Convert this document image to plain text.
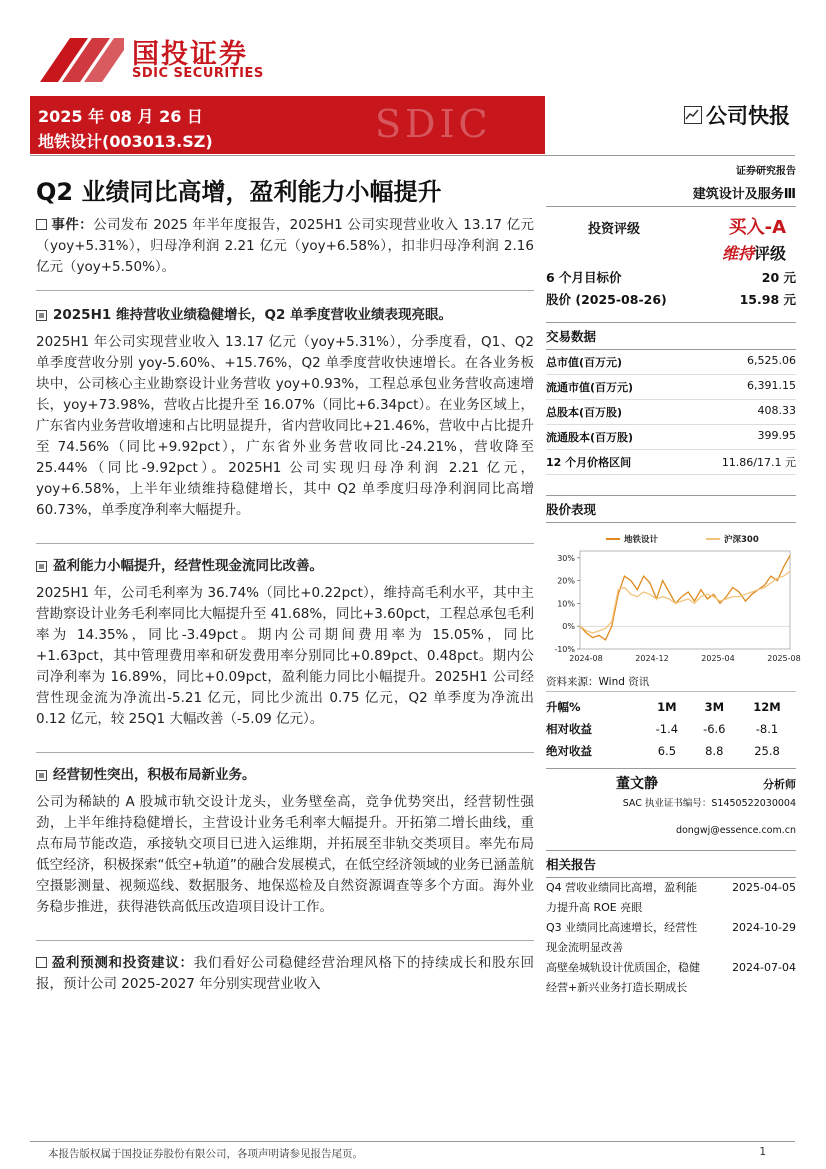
国投证券
SDIC SECURITIES
2025 年 08 月 26 日
地铁设计(003013.SZ)	SDIC	公司快报
Q2 业绩同比高增，盈利能力小幅提升
事件：公司发布 2025 年半年度报告，2025H1 公司实现营业收入 13.17 亿元（yoy+5.31%），归母净利润 2.21 亿元（yoy+6.58%），扣非归母净利润 2.16 亿元（yoy+5.50%）。
2025H1 维持营收业绩稳健增长，Q2 单季度营收业绩表现亮眼。
2025H1 年公司实现营业收入 13.17 亿元（yoy+5.31%），分季度看，Q1、Q2 单季度营收分别 yoy-5.60%、+15.76%，Q2 单季度营收快速增长。在各业务板块中，公司核心主业勘察设计业务营收 yoy+0.93%，工程总承包业务营收高速增长，yoy+73.98%，营收占比提升至 16.07%（同比+6.34pct）。在业务区域上，广东省内业务营收增速和占比明显提升，省内营收同比+21.46%，营收中占比提升至 74.56%（同比+9.92pct），广东省外业务营收同比-24.21%，营收降至 25.44%（同比-9.92pct）。2025H1 公司实现归母净利润 2.21 亿元，yoy+6.58%，上半年业绩维持稳健增长，其中 Q2 单季度归母净利润同比高增 60.73%，单季度净利率大幅提升。
盈利能力小幅提升，经营性现金流同比改善。
2025H1 年，公司毛利率为 36.74%（同比+0.22pct），维持高毛利水平，其中主营勘察设计业务毛利率同比大幅提升至 41.68%，同比+3.60pct，工程总承包毛利率为 14.35%，同比-3.49pct。期内公司期间费用率为 15.05%，同比+1.63pct，其中管理费用率和研发费用率分别同比+0.89pct、0.48pct。期内公司净利率为 16.89%，同比+0.09pct，盈利能力同比小幅提升。2025H1 公司经营性现金流为净流出-5.21 亿元，同比少流出 0.75 亿元，Q2 单季度为净流出 0.12 亿元，较 25Q1 大幅改善（-5.09 亿元）。
经营韧性突出，积极布局新业务。
公司为稀缺的 A 股城市轨交设计龙头，业务壁垒高，竞争优势突出，经营韧性强劲，上半年维持稳健增长，主营设计业务毛利率大幅提升。开拓第二增长曲线，重点布局节能改造，承接轨交项目已进入运维期，并拓展至非轨交类项目。率先布局低空经济，积极探索“低空+轨道”的融合发展模式，在低空经济领域的业务已涵盖航空摄影测量、视频巡线、数据服务、地保巡检及自然资源调查等多个方面。海外业务稳步推进，获得港铁高低压改造项目设计工作。
盈利预测和投资建议：我们看好公司稳健经营治理风格下的持续成长和股东回报，预计公司 2025-2027 年分别实现营业收入
证券研究报告
建筑设计及服务Ⅲ
投资评级	买入-A
维持评级
6 个月目标价	20 元
股价 (2025-08-26)	15.98 元
交易数据
总市值(百万元)	6,525.06
流通市值(百万元)	6,391.15
总股本(百万股)	408.33
流通股本(百万股)	399.95
12 个月价格区间	11.86/17.1 元
股价表现
30%
20%
10%
0%
-10%
2024-08	2024-12	2025-04	2025-08
地铁设计	沪深300
资料来源：Wind 资讯
升幅%	1M	3M	12M
相对收益	-1.4	-6.6	-8.1
绝对收益	6.5	8.8	25.8
董文静	分析师
SAC 执业证书编号：S1450522030004
dongwj@essence.com.cn
相关报告
Q4 营收业绩同比高增，盈利能力提升高 ROE 亮眼
2025-04-05
Q3 业绩同比高速增长，经营性现金流明显改善
2024-10-29
高壁垒城轨设计优质国企，稳健经营+新兴业务打造长期成长
2024-07-04
本报告版权属于国投证券股份有限公司，各项声明请参见报告尾页。	1
